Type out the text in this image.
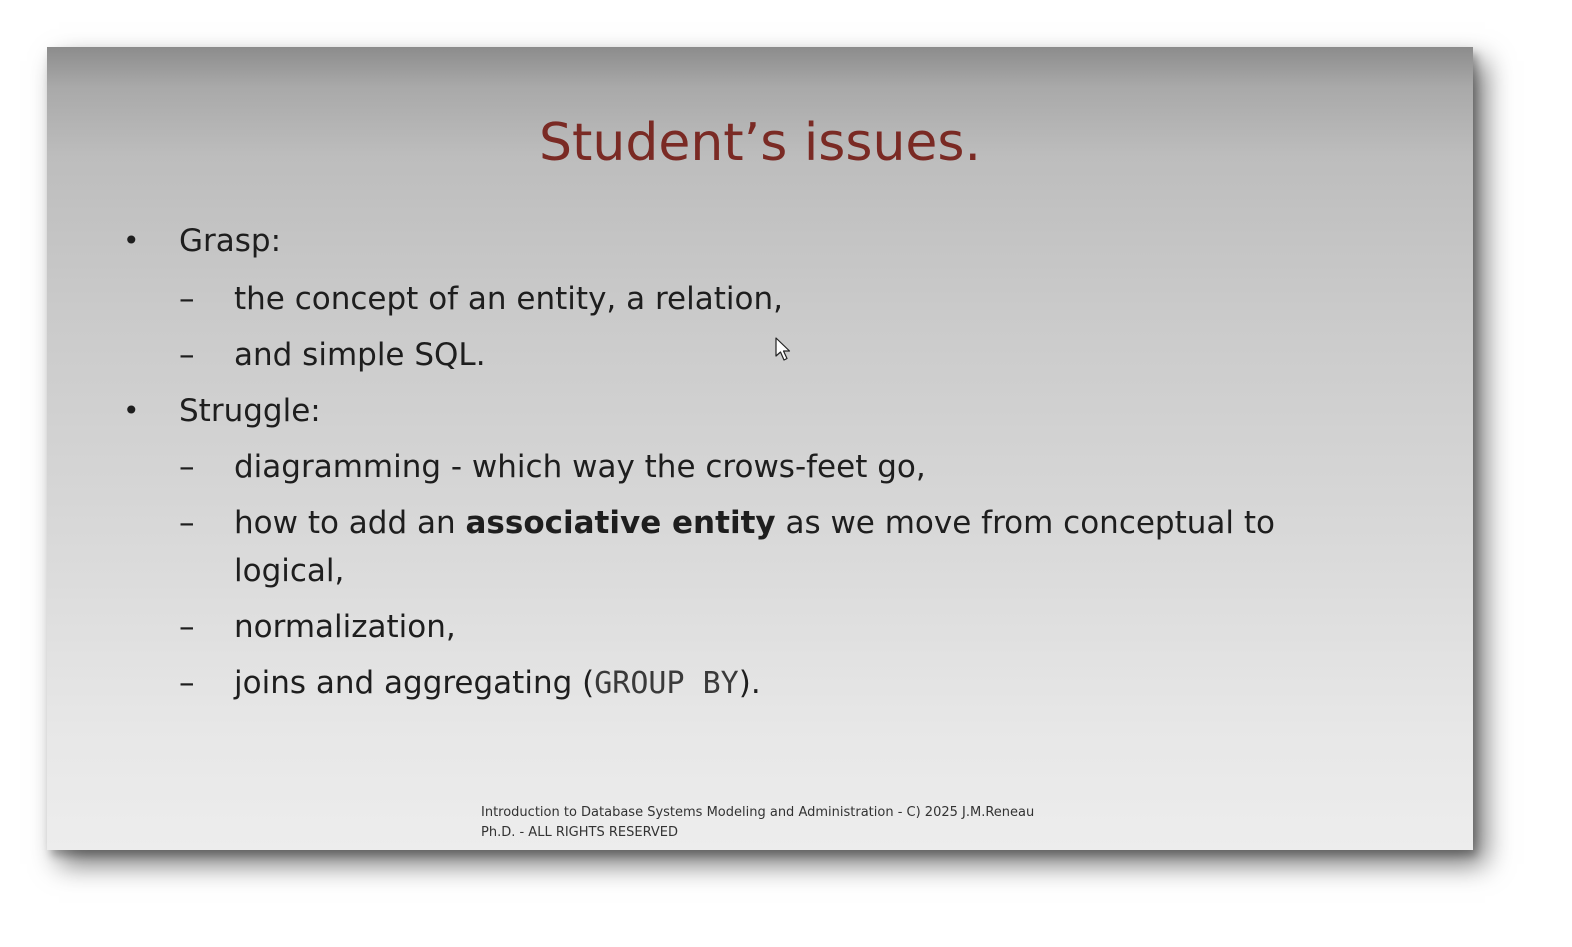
Student’s issues.
• Grasp:
– the concept of an entity, a relation,
– and simple SQL.
• Struggle:
– diagramming - which way the crows-feet go,
– how to add an associative entity as we move from conceptual to logical,
– normalization,
– joins and aggregating (GROUP BY).
Introduction to Database Systems Modeling and Administration - C) 2025 J.M.Reneau
Ph.D. - ALL RIGHTS RESERVED
